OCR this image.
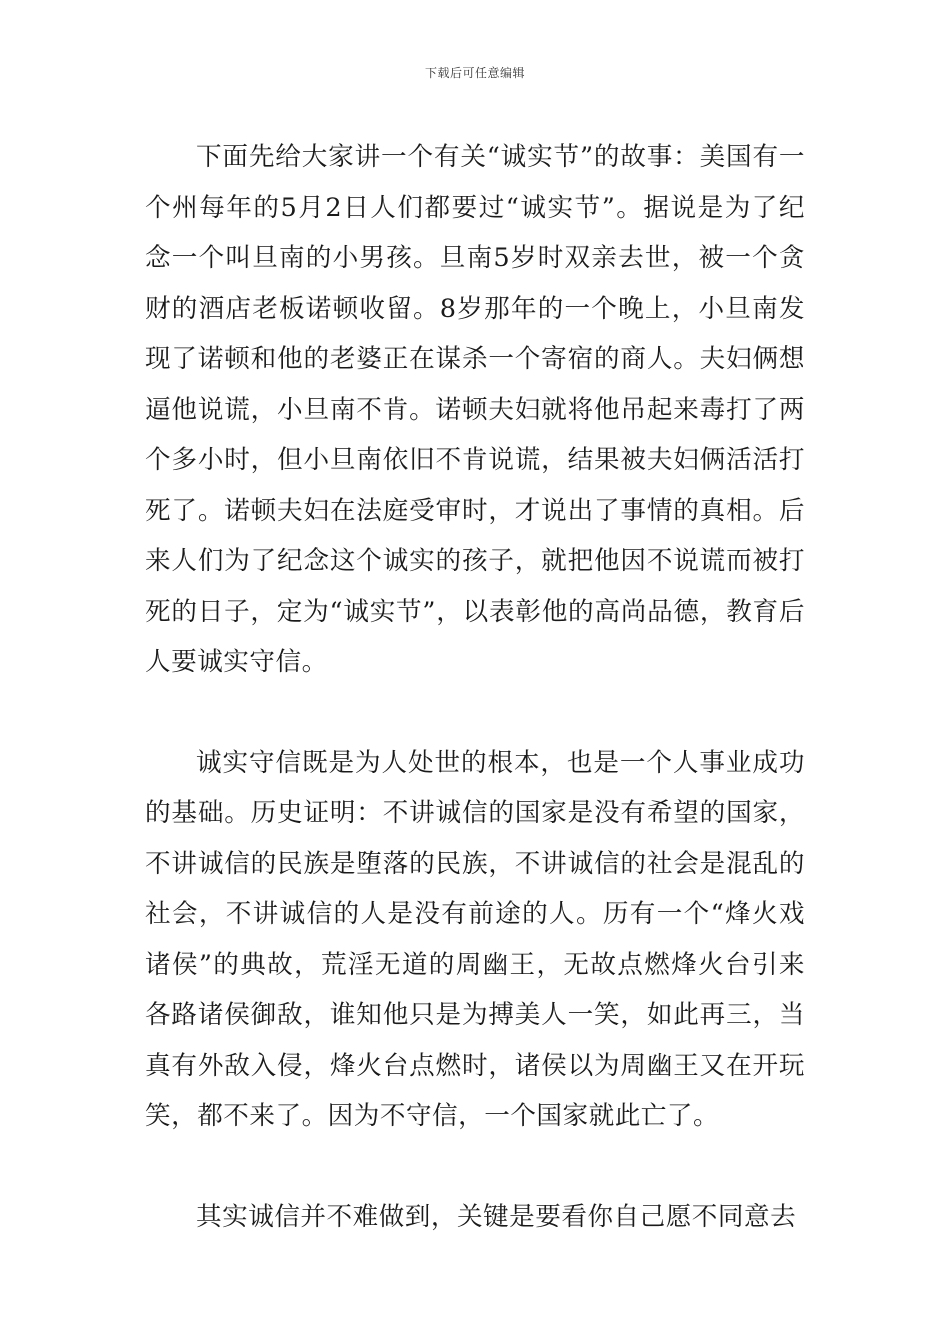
下载后可任意编辑

下面先给大家讲一个有关“诚实节”的故事：美国有一个州每年的5月2日人们都要过“诚实节”。据说是为了纪念一个叫旦南的小男孩。旦南5岁时双亲去世，被一个贪财的酒店老板诺顿收留。8岁那年的一个晚上，小旦南发现了诺顿和他的老婆正在谋杀一个寄宿的商人。夫妇俩想逼他说谎，小旦南不肯。诺顿夫妇就将他吊起来毒打了两个多小时，但小旦南依旧不肯说谎，结果被夫妇俩活活打死了。诺顿夫妇在法庭受审时，才说出了事情的真相。后来人们为了纪念这个诚实的孩子，就把他因不说谎而被打死的日子，定为“诚实节”，以表彰他的高尚品德，教育后人要诚实守信。

诚实守信既是为人处世的根本，也是一个人事业成功的基础。历史证明：不讲诚信的国家是没有希望的国家，不讲诚信的民族是堕落的民族，不讲诚信的社会是混乱的社会，不讲诚信的人是没有前途的人。历有一个“烽火戏诸侯”的典故，荒淫无道的周幽王，无故点燃烽火台引来各路诸侯御敌，谁知他只是为搏美人一笑，如此再三，当真有外敌入侵，烽火台点燃时，诸侯以为周幽王又在开玩笑，都不来了。因为不守信，一个国家就此亡了。

其实诚信并不难做到，关键是要看你自己愿不同意去
